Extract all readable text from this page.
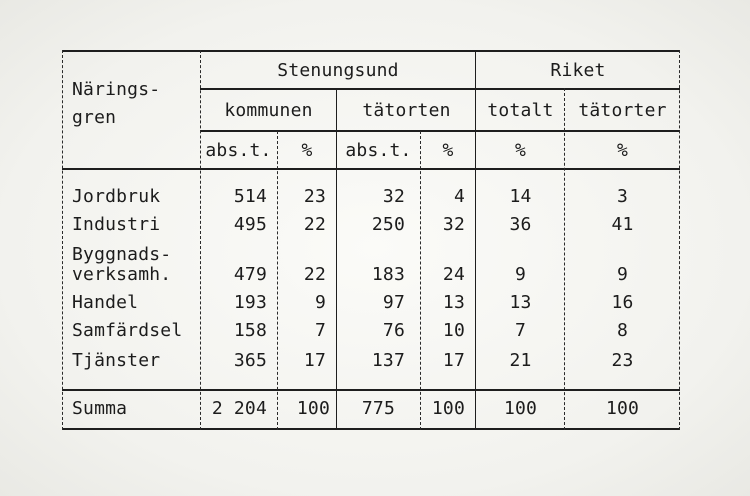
Närings-
gren
Stenungsund	Riket
kommunen	tätorten	totalt	tätorter
abs.t.	%	abs.t.	%	%	%
Jordbruk	514	23	32	4	14	3
Industri	495	22	250	32	36	41
Byggnads-
verksamh.	479	22	183	24	9	9
Handel	193	9	97	13	13	16
Samfärdsel	158	7	76	10	7	8
Tjänster	365	17	137	17	21	23
Summa	2 204	100	775	100	100	100
